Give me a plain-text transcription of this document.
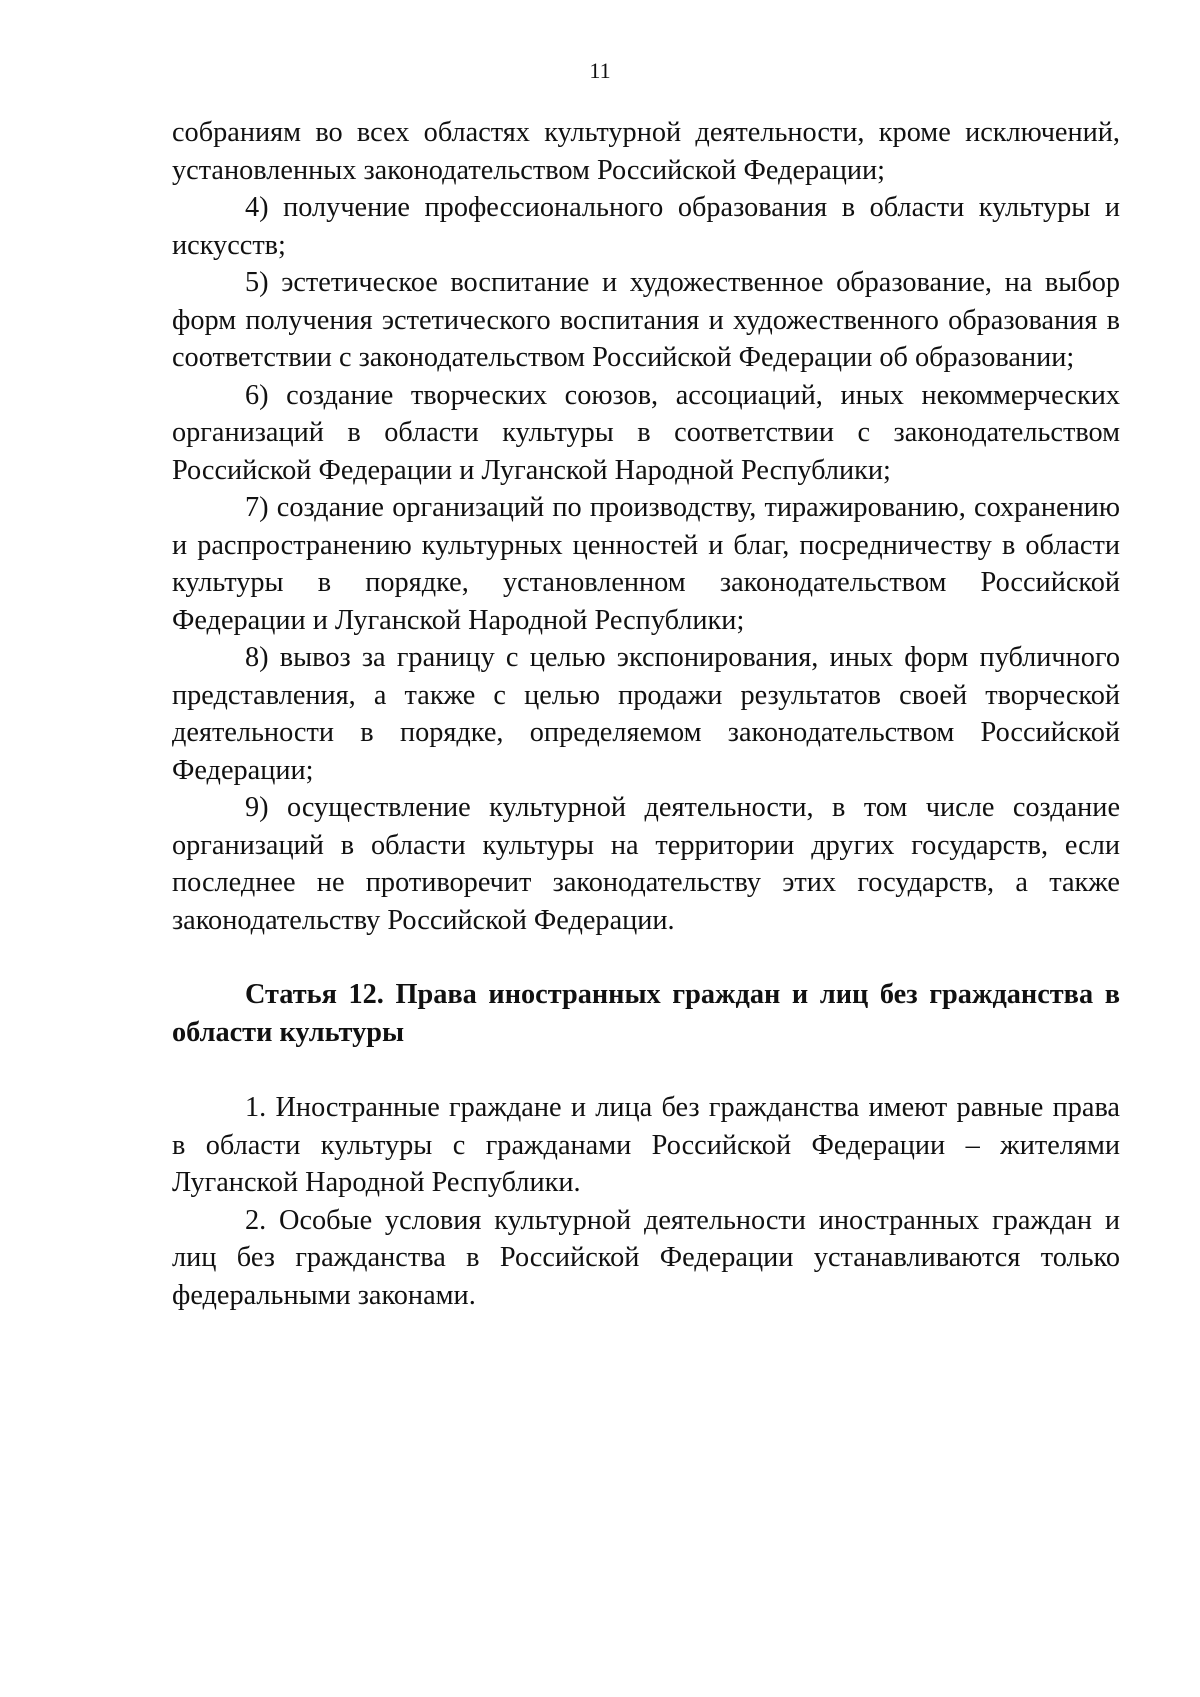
11

собраниям во всех областях культурной деятельности, кроме исключений, установленных законодательством Российской Федерации;

4) получение профессионального образования в области культуры и искусств;

5) эстетическое воспитание и художественное образование, на выбор форм получения эстетического воспитания и художественного образования в соответствии с законодательством Российской Федерации об образовании;

6) создание творческих союзов, ассоциаций, иных некоммерческих организаций в области культуры в соответствии с законодательством Российской Федерации и Луганской Народной Республики;

7) создание организаций по производству, тиражированию, сохранению и распространению культурных ценностей и благ, посредничеству в области культуры в порядке, установленном законодательством Российской Федерации и Луганской Народной Республики;

8) вывоз за границу с целью экспонирования, иных форм публичного представления, а также с целью продажи результатов своей творческой деятельности в порядке, определяемом законодательством Российской Федерации;

9) осуществление культурной деятельности, в том числе создание организаций в области культуры на территории других государств, если последнее не противоречит законодательству этих государств, а также законодательству Российской Федерации.

Статья 12. Права иностранных граждан и лиц без гражданства в области культуры

1. Иностранные граждане и лица без гражданства имеют равные права в области культуры с гражданами Российской Федерации – жителями Луганской Народной Республики.

2. Особые условия культурной деятельности иностранных граждан и лиц без гражданства в Российской Федерации устанавливаются только федеральными законами.
